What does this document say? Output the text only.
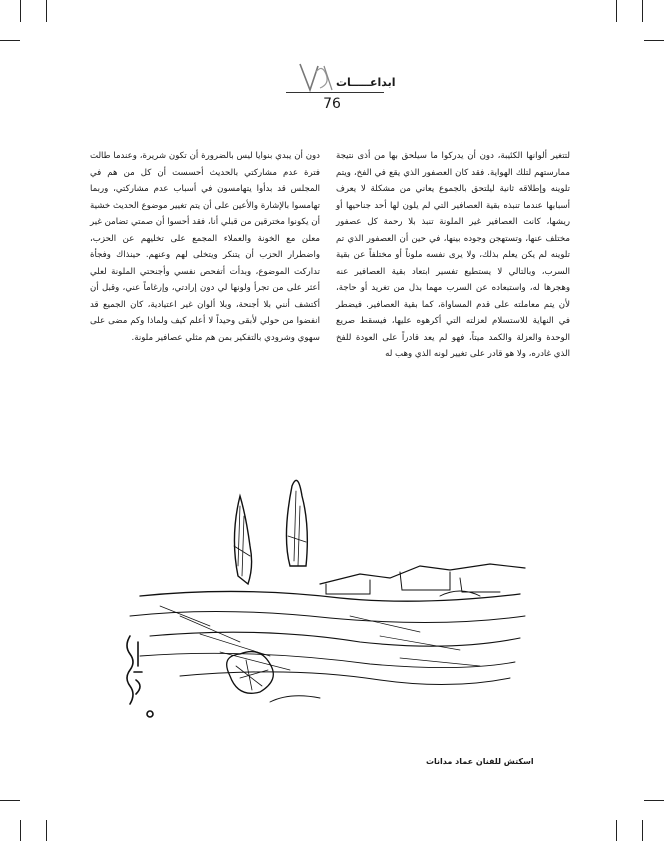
ابداعـــــات
76
لتتغير ألوانها الكئيبة، دون أن يدركوا ما سيلحق بها من أذى نتيجة ممارستهم لتلك الهواية. فقد كان العصفور الذي يقع في الفخ، ويتم تلوينه وإطلاقه ثانية ليلتحق بالجموع يعاني من مشكلة لا يعرف أسبابها عندما تنبذه بقية العصافير التي لم يلون لها أحد جناحيها أو ريشها، كانت العصافير غير الملونة تنبذ بلا رحمة كل عصفور مختلف عنها، وتستهجن وجوده بينها، في حين أن العصفور الذي تم تلوينه لم يكن يعلم بذلك، ولا يرى نفسه ملوناً أو مختلفاً عن بقية السرب، وبالتالي لا يستطيع تفسير ابتعاد بقية العصافير عنه وهجرها له، واستبعاده عن السرب مهما بذل من تغريد أو حاجة، لأن يتم معاملته على قدم المساواة، كما بقية العصافير. فيضطر في النهاية للاستسلام لعزلته التي أكرهوه عليها، فيسقط صريع الوحدة والعزلة والكمد ميتاً، فهو لم يعد قادراً على العودة للفخ الذي غادره، ولا هو قادر على تغيير لونه الذي وهب له
دون أن يبدي بنوايا ليس بالضرورة أن تكون شريرة، وعندما طالت فترة عدم مشاركتي بالحديث أحسست أن كل من هم في المجلس قد بدأوا يتهامسون في أسباب عدم مشاركتي، وربما تهامسوا بالإشارة والأعين على أن يتم تغيير موضوع الحديث خشية أن يكونوا مخترقين من قبلي أنا، فقد أحسوا أن صمتي تضامن غير معلن مع الخونة والعملاء المجمع على تخليهم عن الحزب، واضطرار الحزب أن يتنكر ويتخلى لهم وعنهم. حينذاك وفجأة تداركت الموضوع، وبدأت أتفحص نفسي وأجنحتي الملونة لعلي أعثر على من تجرأ ولونها لي دون إرادتي، وإرغاماً عني، وقبل أن أكتشف أنني بلا أجنحة، وبلا ألوان غير اعتيادية، كان الجميع قد انفضوا من حولي لأبقى وحيداً لا أعلم كيف ولماذا وكم مضى على سهوي وشرودي بالتفكير بمن هم مثلي عصافير ملونة.
اسكتش للفنان عماد مدانات
